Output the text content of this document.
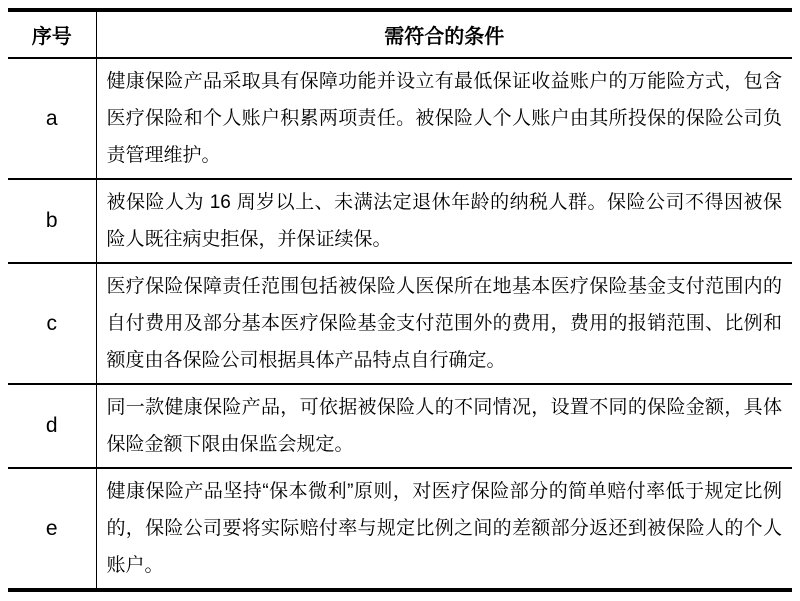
序号	需符合的条件
a	健康保险产品采取具有保障功能并设立有最低保证收益账户的万能险方式，包含医疗保险和个人账户积累两项责任。被保险人个人账户由其所投保的保险公司负责管理维护。
b	被保险人为 16 周岁以上、未满法定退休年龄的纳税人群。保险公司不得因被保险人既往病史拒保，并保证续保。
c	医疗保险保障责任范围包括被保险人医保所在地基本医疗保险基金支付范围内的自付费用及部分基本医疗保险基金支付范围外的费用，费用的报销范围、比例和额度由各保险公司根据具体产品特点自行确定。
d	同一款健康保险产品，可依据被保险人的不同情况，设置不同的保险金额，具体保险金额下限由保监会规定。
e	健康保险产品坚持“保本微利”原则，对医疗保险部分的简单赔付率低于规定比例的，保险公司要将实际赔付率与规定比例之间的差额部分返还到被保险人的个人账户。
